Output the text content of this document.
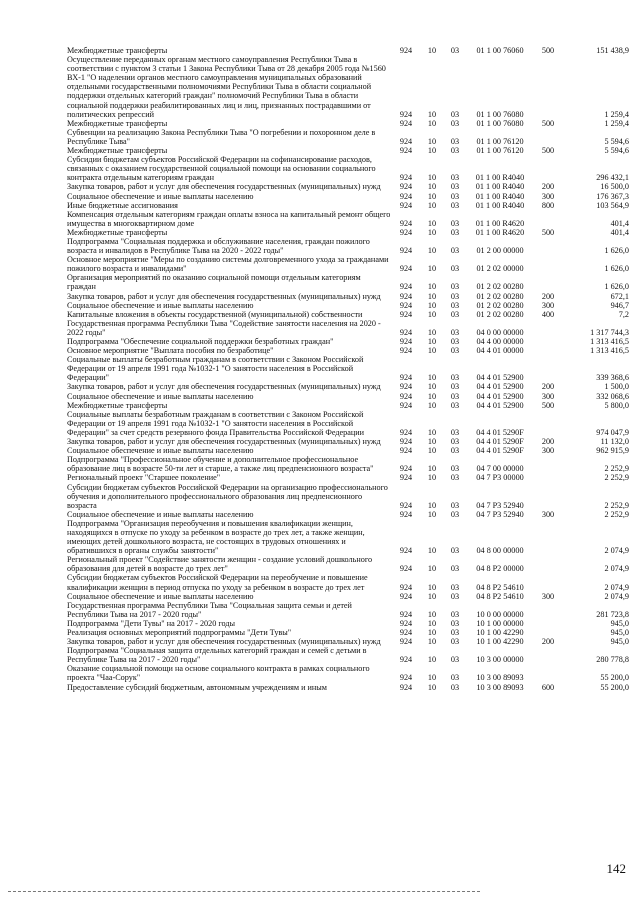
Межбюджетные трансферты	924	10	03	01 1 00 76060	500	151 438,9
Осуществление переданных органам местного самоуправления Республики Тыва в соответствии с пунктом 3 статьи 1 Закона Республики Тыва от 28 декабря 2005 года №1560 ВХ-1 "О наделении органов местного самоуправления муниципальных образований отдельными государственными полномочиями Республики Тыва в области социальной поддержки отдельных категорий граждан" полномочий Республики Тыва в области социальной поддержки реабилитированных лиц и лиц, признанных пострадавшими от политических репрессий	924	10	03	01 1 00 76080		1 259,4
Межбюджетные трансферты	924	10	03	01 1 00 76080	500	1 259,4
Субвенции на реализацию Закона Республики Тыва "О погребении и похоронном деле в Республике Тыва"	924	10	03	01 1 00 76120		5 594,6
Межбюджетные трансферты	924	10	03	01 1 00 76120	500	5 594,6
Субсидии бюджетам субъектов Российской Федерации на софинансирование расходов, связанных с оказанием государственной социальной помощи на основании социального контракта отдельным категориям граждан	924	10	03	01 1 00 R4040		296 432,1
Закупка товаров, работ и услуг для обеспечения государственных (муниципальных) нужд	924	10	03	01 1 00 R4040	200	16 500,0
Социальное обеспечение и иные выплаты населению	924	10	03	01 1 00 R4040	300	176 367,3
Иные бюджетные ассигнования	924	10	03	01 1 00 R4040	800	103 564,9
Компенсация отдельным категориям граждан оплаты взноса на капитальный ремонт общего имущества в многоквартирном доме	924	10	03	01 1 00 R4620		401,4
Межбюджетные трансферты	924	10	03	01 1 00 R4620	500	401,4
Подпрограмма "Социальная поддержка и обслуживание населения, граждан пожилого возраста и инвалидов в Республике Тыва на 2020 - 2022 годы"	924	10	03	01 2 00 00000		1 626,0
Основное мероприятие "Меры по созданию системы долговременного ухода за гражданами пожилого возраста и инвалидами"	924	10	03	01 2 02 00000		1 626,0
Организация мероприятий по оказанию социальной помощи отдельным категориям граждан	924	10	03	01 2 02 00280		1 626,0
Закупка товаров, работ и услуг для обеспечения государственных (муниципальных) нужд	924	10	03	01 2 02 00280	200	672,1
Социальное обеспечение и иные выплаты населению	924	10	03	01 2 02 00280	300	946,7
Капитальные вложения в объекты государственной (муниципальной) собственности	924	10	03	01 2 02 00280	400	7,2
Государственная программа Республики Тыва "Содействие занятости населения на 2020 - 2022 годы"	924	10	03	04 0 00 00000		1 317 744,3
Подпрограмма "Обеспечение социальной поддержки безработных граждан"	924	10	03	04 4 00 00000		1 313 416,5
Основное мероприятие "Выплата пособия по безработице"	924	10	03	04 4 01 00000		1 313 416,5
Социальные выплаты безработным гражданам в соответствии с Законом Российской Федерации от 19 апреля 1991 года №1032-1 "О занятости населения в Российской Федерации"	924	10	03	04 4 01 52900		339 368,6
Закупка товаров, работ и услуг для обеспечения государственных (муниципальных) нужд	924	10	03	04 4 01 52900	200	1 500,0
Социальное обеспечение и иные выплаты населению	924	10	03	04 4 01 52900	300	332 068,6
Межбюджетные трансферты	924	10	03	04 4 01 52900	500	5 800,0
Социальные выплаты безработным гражданам в соответствии с Законом Российской Федерации от 19 апреля 1991 года №1032-1 "О занятости населения в Российской Федерации" за счет средств резервного фонда Правительства Российской Федерации	924	10	03	04 4 01 5290F		974 047,9
Закупка товаров, работ и услуг для обеспечения государственных (муниципальных) нужд	924	10	03	04 4 01 5290F	200	11 132,0
Социальное обеспечение и иные выплаты населению	924	10	03	04 4 01 5290F	300	962 915,9
Подпрограмма "Профессиональное обучение и дополнительное профессиональное образование лиц в возрасте 50-ти лет и старше, а также лиц предпенсионного возраста"	924	10	03	04 7 00 00000		2 252,9
Региональный проект "Старшее поколение"	924	10	03	04 7 P3 00000		2 252,9
Субсидии бюджетам субъектов Российской Федерации на организацию профессионального обучения и дополнительного профессионального образования лиц предпенсионного возраста	924	10	03	04 7 P3 52940		2 252,9
Социальное обеспечение и иные выплаты населению	924	10	03	04 7 P3 52940	300	2 252,9
Подпрограмма "Организация переобучения и повышения квалификации женщин, находящихся в отпуске по уходу за ребенком в возрасте до трех лет, а также женщин, имеющих детей дошкольного возраста, не состоящих в трудовых отношениях и обратившихся в органы службы занятости"	924	10	03	04 8 00 00000		2 074,9
Региональный проект "Содействие занятости женщин - создание условий дошкольного образования для детей в возрасте до трех лет"	924	10	03	04 8 P2 00000		2 074,9
Субсидии бюджетам субъектов Российской Федерации на переобучение и повышение квалификации женщин в период отпуска по уходу за ребенком в возрасте до трех лет	924	10	03	04 8 P2 54610		2 074,9
Социальное обеспечение и иные выплаты населению	924	10	03	04 8 P2 54610	300	2 074,9
Государственная программа Республики Тыва "Социальная защита семьи и детей Республики Тыва на 2017 - 2020 годы"	924	10	03	10 0 00 00000		281 723,8
Подпрограмма "Дети Тувы" на 2017 - 2020 годы	924	10	03	10 1 00 00000		945,0
Реализация основных мероприятий подпрограммы "Дети Тувы"	924	10	03	10 1 00 42290		945,0
Закупка товаров, работ и услуг для обеспечения государственных (муниципальных) нужд	924	10	03	10 1 00 42290	200	945,0
Подпрограмма "Социальная защита отдельных категорий граждан и семей с детьми в Республике Тыва на 2017 - 2020 годы"	924	10	03	10 3 00 00000		280 778,8
Оказание социальной помощи на основе социального контракта в рамках социального проекта "Чаа-Сорук"	924	10	03	10 3 00 89093		55 200,0
Предоставление субсидий бюджетным, автономным учреждениям и иным	924	10	03	10 3 00 89093	600	55 200,0
142
